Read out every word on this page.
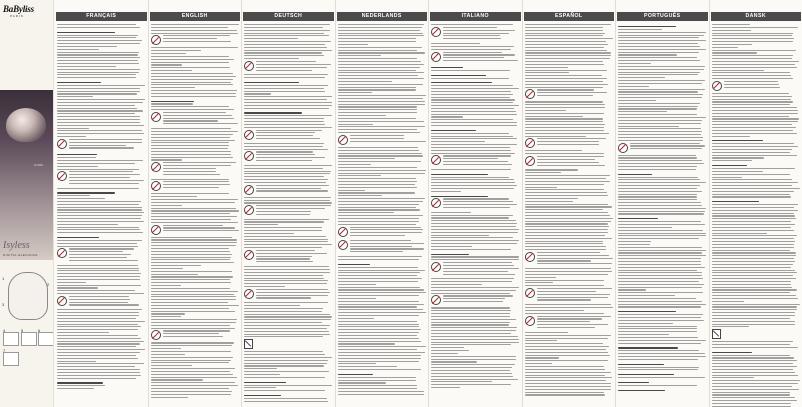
BaByliss
PARIS
D465E
Isyless
DIGITAL ELEGANCE
1
2
3
4	5	6
7
FRANÇAIS	ENGLISH	DEUTSCH	NEDERLANDS	ITALIANO	ESPAÑOL	PORTUGUÊS	DANSK
